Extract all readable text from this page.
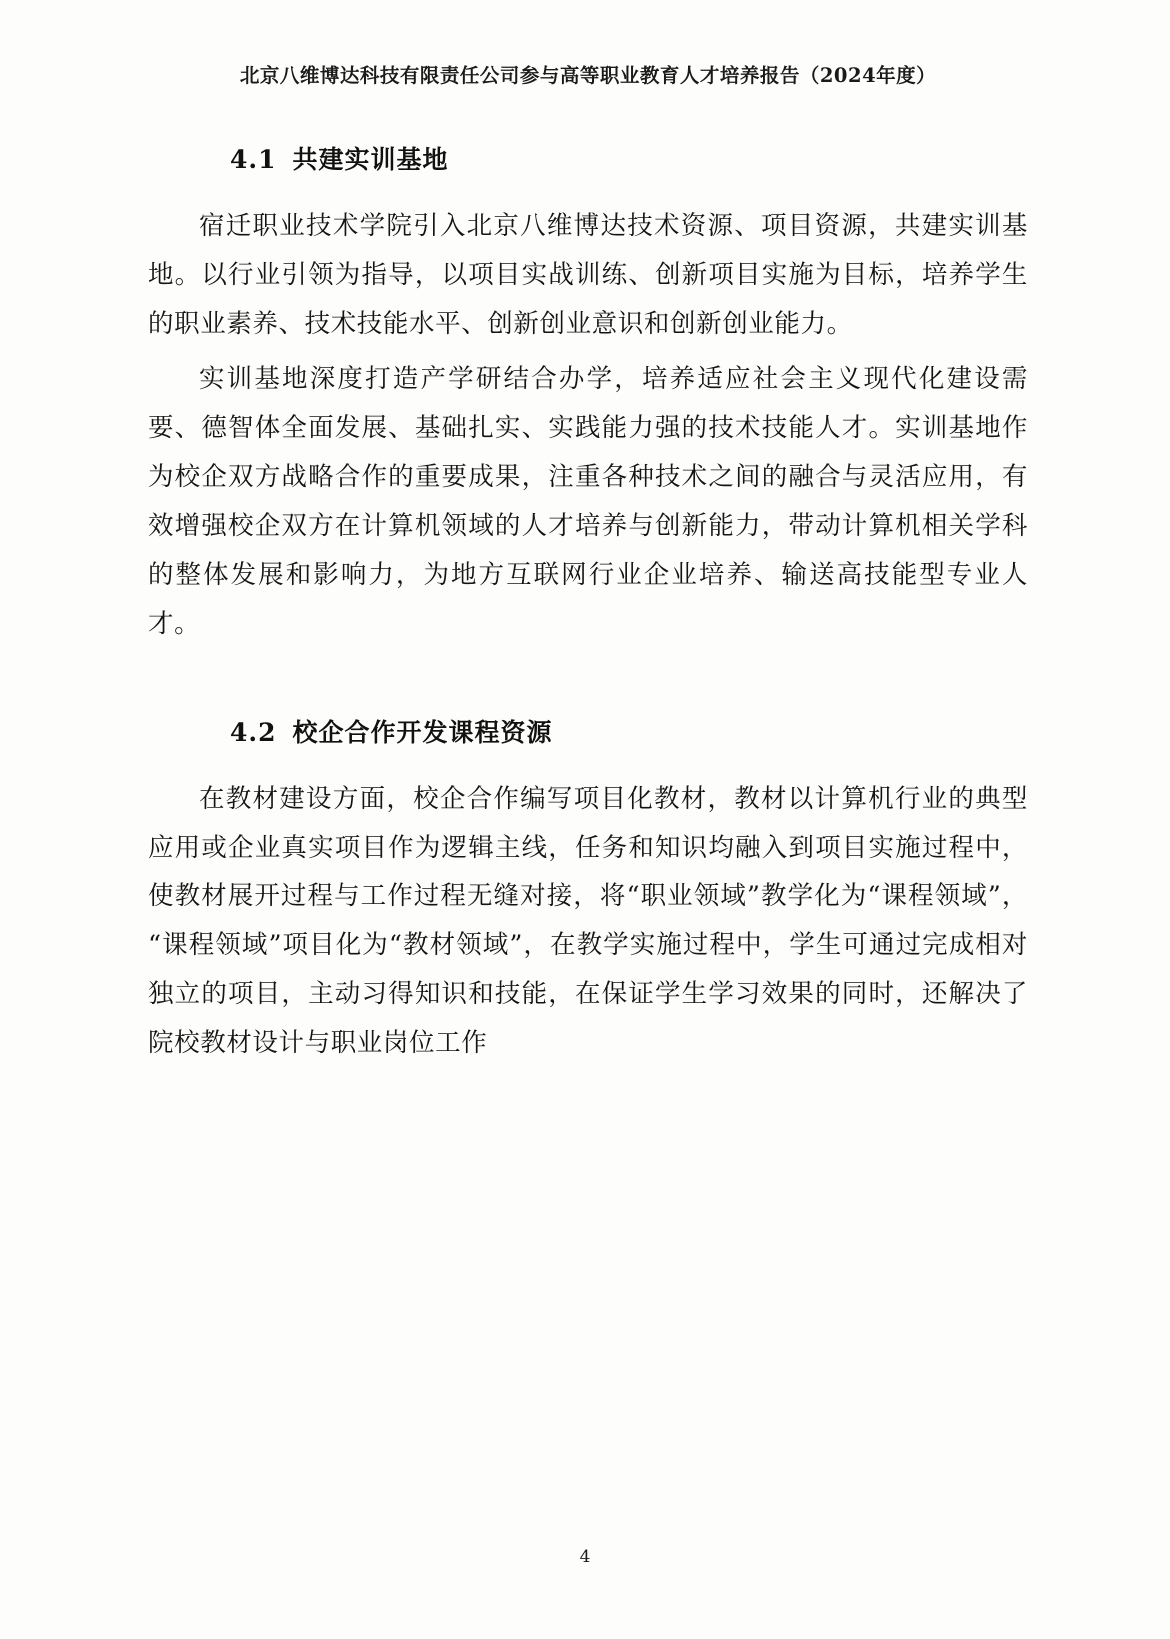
北京八维博达科技有限责任公司参与高等职业教育人才培养报告（2024年度）
4.1 共建实训基地

宿迁职业技术学院引入北京八维博达技术资源、项目资源，共建实训基地。以行业引领为指导，以项目实战训练、创新项目实施为目标，培养学生的职业素养、技术技能水平、创新创业意识和创新创业能力。

实训基地深度打造产学研结合办学，培养适应社会主义现代化建设需要、德智体全面发展、基础扎实、实践能力强的技术技能人才。实训基地作为校企双方战略合作的重要成果，注重各种技术之间的融合与灵活应用，有效增强校企双方在计算机领域的人才培养与创新能力，带动计算机相关学科的整体发展和影响力，为地方互联网行业企业培养、输送高技能型专业人才。

4.2 校企合作开发课程资源

在教材建设方面，校企合作编写项目化教材，教材以计算机行业的典型应用或企业真实项目作为逻辑主线，任务和知识均融入到项目实施过程中，使教材展开过程与工作过程无缝对接，将“职业领域”教学化为“课程领域”，“课程领域”项目化为“教材领域”，在教学实施过程中，学生可通过完成相对独立的项目，主动习得知识和技能，在保证学生学习效果的同时，还解决了院校教材设计与职业岗位工作

4
